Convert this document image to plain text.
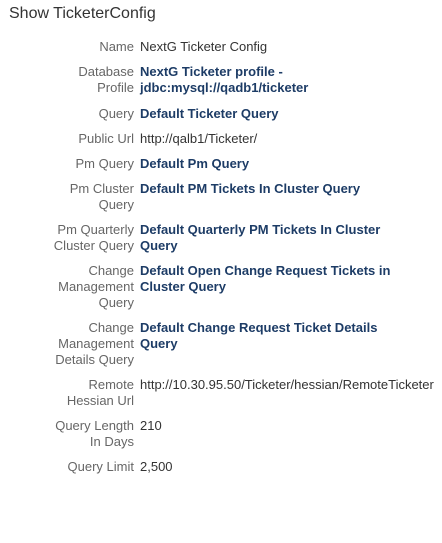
Show TicketerConfig
Name NextG Ticketer Config
Database Profile
NextG Ticketer profile - jdbc:mysql://qadb1/ticketer
Query Default Ticketer Query
Public Url http://qalb1/Ticketer/
Pm Query Default Pm Query
Pm Cluster Query
Default PM Tickets In Cluster Query
Pm Quarterly Cluster Query
Default Quarterly PM Tickets In Cluster Query
Change Management Query
Default Open Change Request Tickets in Cluster Query
Change Management Details Query
Default Change Request Ticket Details Query
Remote Hessian Url
http://10.30.95.50/Ticketer/hessian/RemoteTicketer
Query Length In Days
210
Query Limit 2,500
